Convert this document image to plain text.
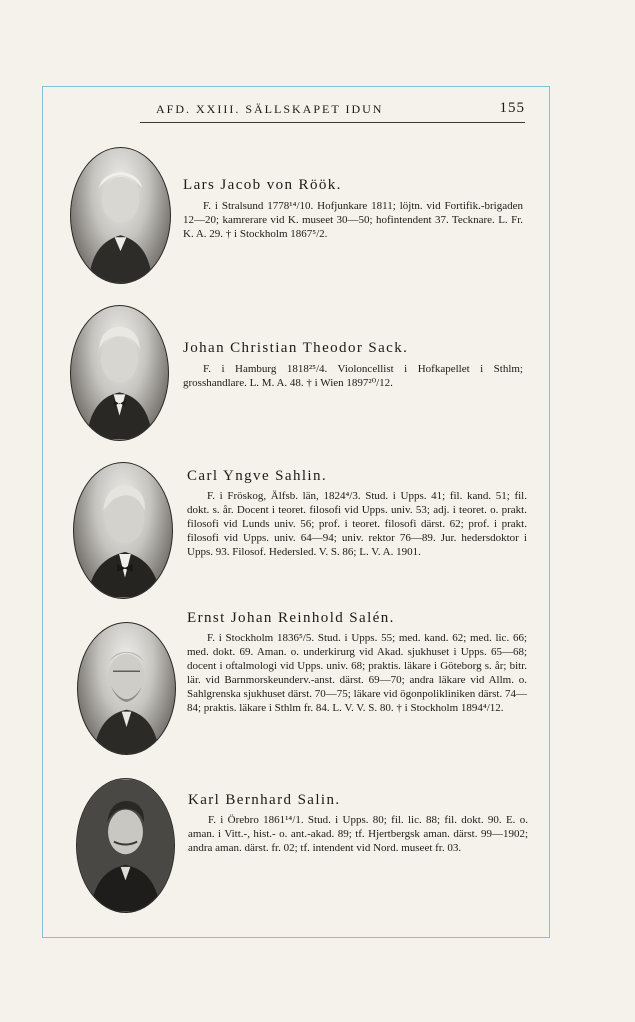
AFD. XXIII. SÄLLSKAPET IDUN	155
Lars Jacob von Röök.
F. i Stralsund 1778¹⁴/10. Hofjunkare 1811; löjtn. vid Fortifik.-brigaden 12—20; kamrerare vid K. museet 30—50; hofintendent 37. Tecknare. L. Fr. K. A. 29. † i Stockholm 1867⁵/2.
Johan Christian Theodor Sack.
F. i Hamburg 1818²⁵/4. Violoncellist i Hofkapellet i Sthlm; grosshandlare. L. M. A. 48. † i Wien 1897²⁰/12.
Carl Yngve Sahlin.
F. i Fröskog, Älfsb. län, 1824⁴/3. Stud. i Upps. 41; fil. kand. 51; fil. dokt. s. år. Docent i teoret. filosofi vid Upps. univ. 53; adj. i teoret. o. prakt. filosofi vid Lunds univ. 56; prof. i teoret. filosofi därst. 62; prof. i prakt. filosofi vid Upps. univ. 64—94; univ. rektor 76—89. Jur. hedersdoktor i Upps. 93. Filosof. Hedersled. V. S. 86; L. V. A. 1901.
Ernst Johan Reinhold Salén.
F. i Stockholm 1836⁵/5. Stud. i Upps. 55; med. kand. 62; med. lic. 66; med. dokt. 69. Aman. o. underkirurg vid Akad. sjukhuset i Upps. 65—68; docent i oftalmologi vid Upps. univ. 68; praktis. läkare i Göteborg s. år; bitr. lär. vid Barnmorskeunderv.-anst. därst. 69—70; andra läkare vid Allm. o. Sahlgrenska sjukhuset därst. 70—75; läkare vid ögonpolikliniken därst. 74—84; praktis. läkare i Sthlm fr. 84. L. V. V. S. 80. † i Stockholm 1894⁴/12.
Karl Bernhard Salin.
F. i Örebro 1861¹⁴/1. Stud. i Upps. 80; fil. lic. 88; fil. dokt. 90. E. o. aman. i Vitt.-, hist.- o. ant.-akad. 89; tf. Hjertbergsk aman. därst. 99—1902; andra aman. därst. fr. 02; tf. intendent vid Nord. museet fr. 03.
